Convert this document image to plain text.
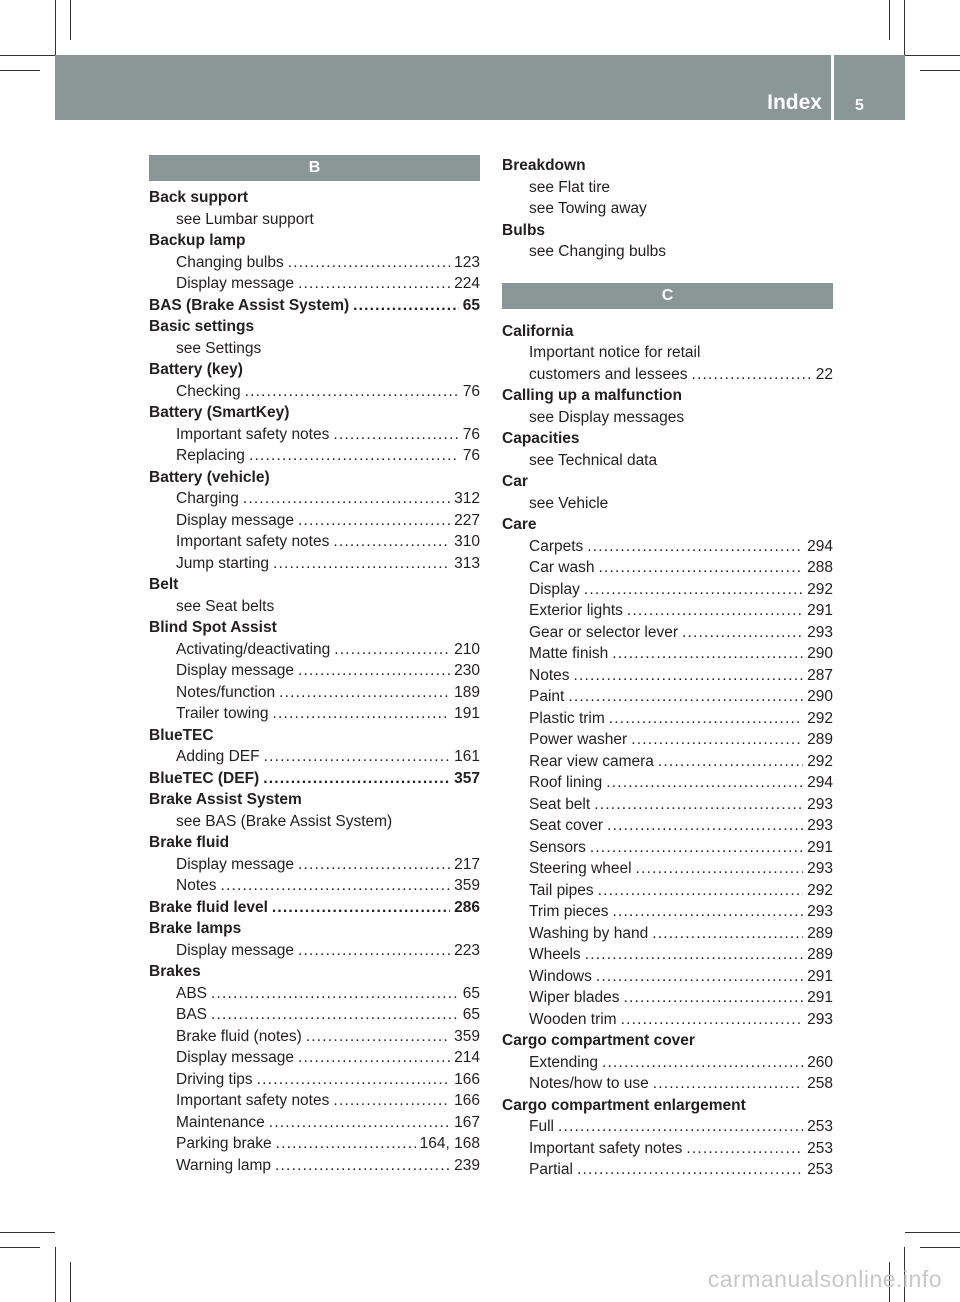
Index 5
B
Back support
see Lumbar support
Backup lamp
Changing bulbs .....	123
Display message .....	224
BAS (Brake Assist System) .....	65
Basic settings
see Settings
Battery (key)
Checking .....	76
Battery (SmartKey)
Important safety notes .....	76
Replacing .....	76
Battery (vehicle)
Charging .....	312
Display message .....	227
Important safety notes .....	310
Jump starting .....	313
Belt
see Seat belts
Blind Spot Assist
Activating/deactivating .....	210
Display message .....	230
Notes/function .....	189
Trailer towing .....	191
BlueTEC
Adding DEF .....	161
BlueTEC (DEF) .....	357
Brake Assist System
see BAS (Brake Assist System)
Brake fluid
Display message .....	217
Notes .....	359
Brake fluid level .....	286
Brake lamps
Display message .....	223
Brakes
ABS .....	65
BAS .....	65
Brake fluid (notes) .....	359
Display message .....	214
Driving tips .....	166
Important safety notes .....	166
Maintenance .....	167
Parking brake .....	164, 168
Warning lamp .....	239
Breakdown
see Flat tire
see Towing away
Bulbs
see Changing bulbs
C
California
Important notice for retail
customers and lessees .....	22
Calling up a malfunction
see Display messages
Capacities
see Technical data
Car
see Vehicle
Care
Carpets .....	294
Car wash .....	288
Display .....	292
Exterior lights .....	291
Gear or selector lever .....	293
Matte finish .....	290
Notes .....	287
Paint .....	290
Plastic trim .....	292
Power washer .....	289
Rear view camera .....	292
Roof lining .....	294
Seat belt .....	293
Seat cover .....	293
Sensors .....	291
Steering wheel .....	293
Tail pipes .....	292
Trim pieces .....	293
Washing by hand .....	289
Wheels .....	289
Windows .....	291
Wiper blades .....	291
Wooden trim .....	293
Cargo compartment cover
Extending .....	260
Notes/how to use .....	258
Cargo compartment enlargement
Full .....	253
Important safety notes .....	253
Partial .....	253
carmanualsonline.info
